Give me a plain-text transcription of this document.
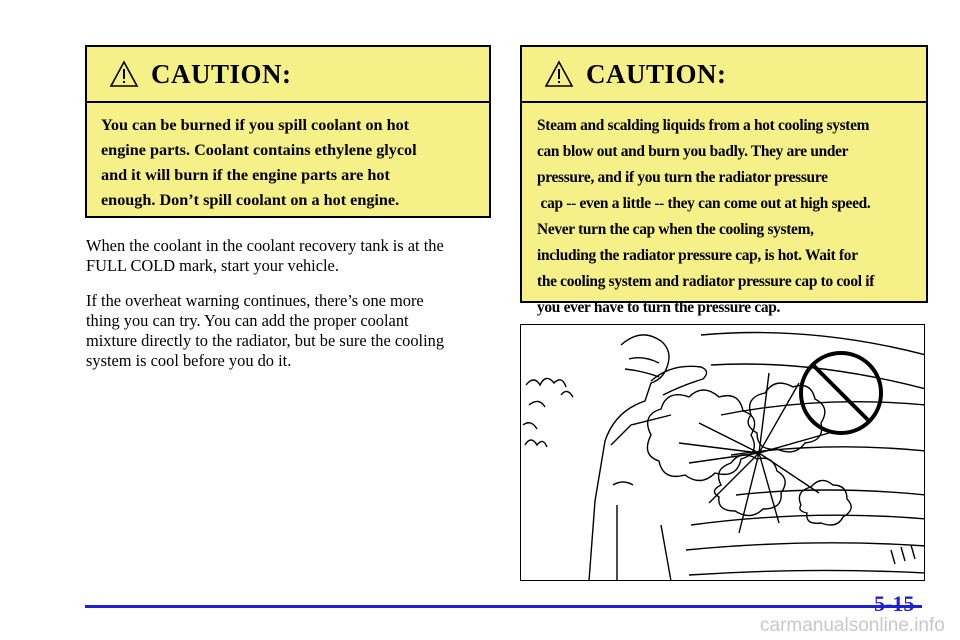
CAUTION:
You can be burned if you spill coolant on hot
engine parts. Coolant contains ethylene glycol
and it will burn if the engine parts are hot
enough. Don’t spill coolant on a hot engine.
When the coolant in the coolant recovery tank is at the
FULL COLD mark, start your vehicle.
If the overheat warning continues, there’s one more
thing you can try. You can add the proper coolant
mixture directly to the radiator, but be sure the cooling
system is cool before you do it.
CAUTION:
Steam and scalding liquids from a hot cooling system
can blow out and burn you badly. They are under
pressure, and if you turn the radiator pressure
cap -- even a little -- they can come out at high speed.
Never turn the cap when the cooling system,
including the radiator pressure cap, is hot. Wait for
the cooling system and radiator pressure cap to cool if
you ever have to turn the pressure cap.
5-15
carmanualsonline.info
